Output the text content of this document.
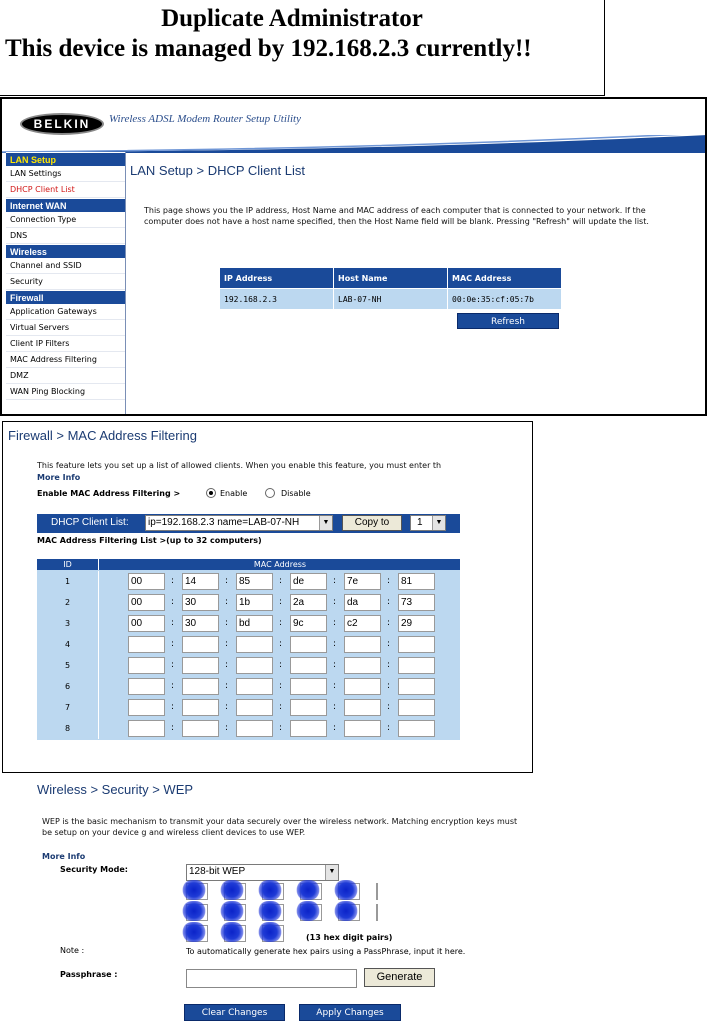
Duplicate Administrator
This device is managed by 192.168.2.3 currently!!
BELKIN	Wireless ADSL Modem Router Setup Utility
LAN Setup
LAN Settings
DHCP Client List
Internet WAN
Connection Type
DNS
Wireless
Channel and SSID
Security
Firewall
Application Gateways
Virtual Servers
Client IP Filters
MAC Address Filtering
DMZ
WAN Ping Blocking
LAN Setup > DHCP Client List
This page shows you the IP address, Host Name and MAC address of each computer that is connected to your network. If the computer does not have a host name specified, then the Host Name field will be blank. Pressing "Refresh" will update the list.
IP Address	Host Name	MAC Address
192.168.2.3	LAB-07-NH	00:0e:35:cf:05:7b
Refresh
Firewall > MAC Address Filtering
This feature lets you set up a list of allowed clients. When you enable this feature, you must enter th
More Info
Enable MAC Address Filtering >	Enable	Disable
DHCP Client List:	ip=192.168.2.3 name=LAB-07-NH	▼	Copy to	1	▼
MAC Address Filtering List >(up to 32 computers)
ID	MAC Address
1	00	:	14	:	85	:	de	:	7e	:	81
2	00	:	30	:	1b	:	2a	:	da	:	73
3	00	:	30	:	bd	:	9c	:	c2	:	29
4	:	:	:	:	:
5	:	:	:	:	:
6	:	:	:	:	:
7	:	:	:	:	:
8	:	:	:	:	:
Wireless > Security > WEP
WEP is the basic mechanism to transmit your data securely over the wireless network. Matching encryption keys must be setup on your device g and wireless client devices to use WEP.
More Info
Security Mode:	128-bit WEP	▼
(13 hex digit pairs)
Note :	To automatically generate hex pairs using a PassPhrase, input it here.
Passphrase :	Generate
Clear Changes	Apply Changes
